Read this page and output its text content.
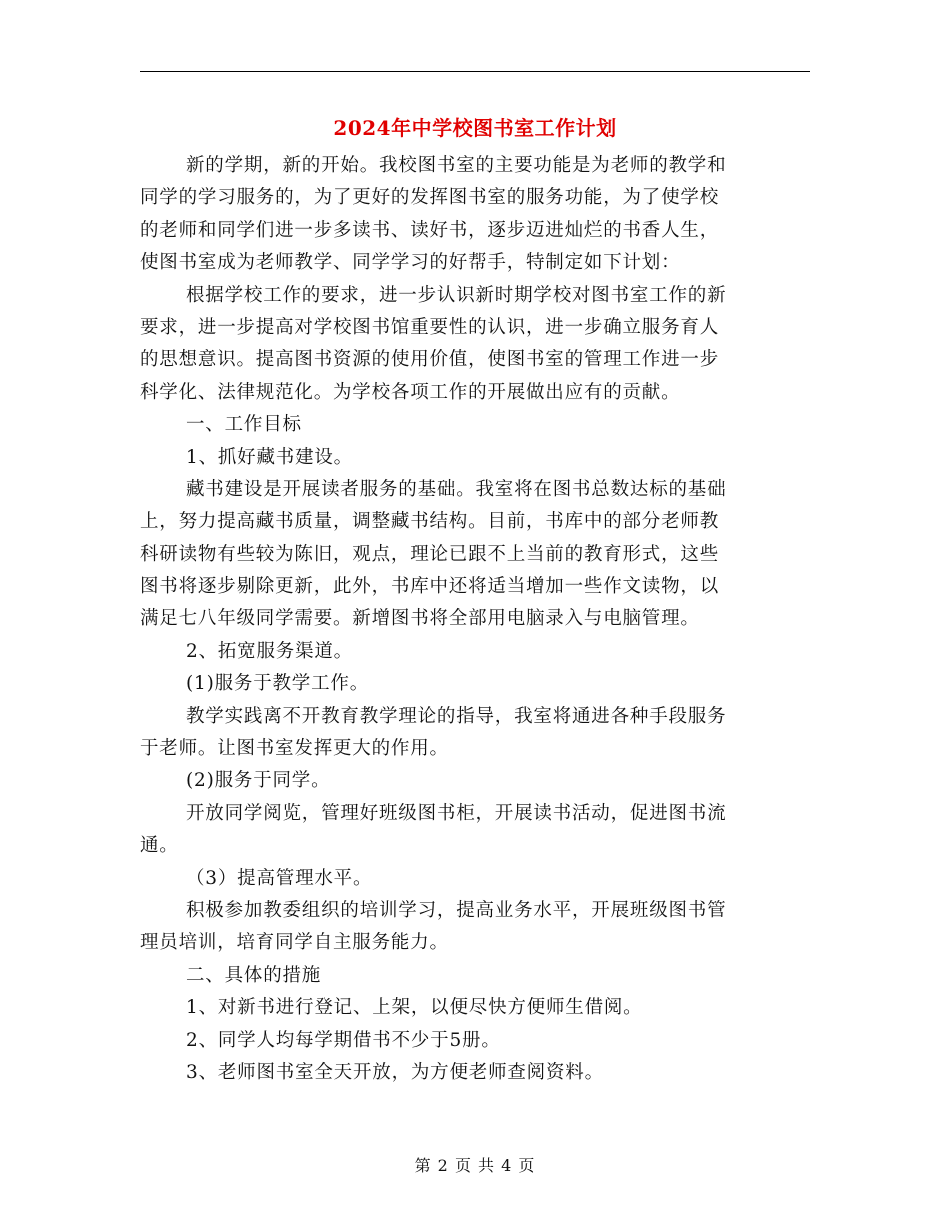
2024年中学校图书室工作计划
新的学期，新的开始。我校图书室的主要功能是为老师的教学和
同学的学习服务的，为了更好的发挥图书室的服务功能，为了使学校
的老师和同学们进一步多读书、读好书，逐步迈进灿烂的书香人生，
使图书室成为老师教学、同学学习的好帮手，特制定如下计划：
根据学校工作的要求，进一步认识新时期学校对图书室工作的新
要求，进一步提高对学校图书馆重要性的认识，进一步确立服务育人
的思想意识。提高图书资源的使用价值，使图书室的管理工作进一步
科学化、法律规范化。为学校各项工作的开展做出应有的贡献。
一、工作目标
1、抓好藏书建设。
藏书建设是开展读者服务的基础。我室将在图书总数达标的基础
上，努力提高藏书质量，调整藏书结构。目前，书库中的部分老师教
科研读物有些较为陈旧，观点，理论已跟不上当前的教育形式，这些
图书将逐步剔除更新，此外，书库中还将适当增加一些作文读物，以
满足七八年级同学需要。新增图书将全部用电脑录入与电脑管理。
2、拓宽服务渠道。
(1)服务于教学工作。
教学实践离不开教育教学理论的指导，我室将通进各种手段服务
于老师。让图书室发挥更大的作用。
(2)服务于同学。
开放同学阅览，管理好班级图书柜，开展读书活动，促进图书流
通。
（3）提高管理水平。
积极参加教委组织的培训学习，提高业务水平，开展班级图书管
理员培训，培育同学自主服务能力。
二、具体的措施
1、对新书进行登记、上架，以便尽快方便师生借阅。
2、同学人均每学期借书不少于5册。
3、老师图书室全天开放，为方便老师查阅资料。
第 2 页 共 4 页
